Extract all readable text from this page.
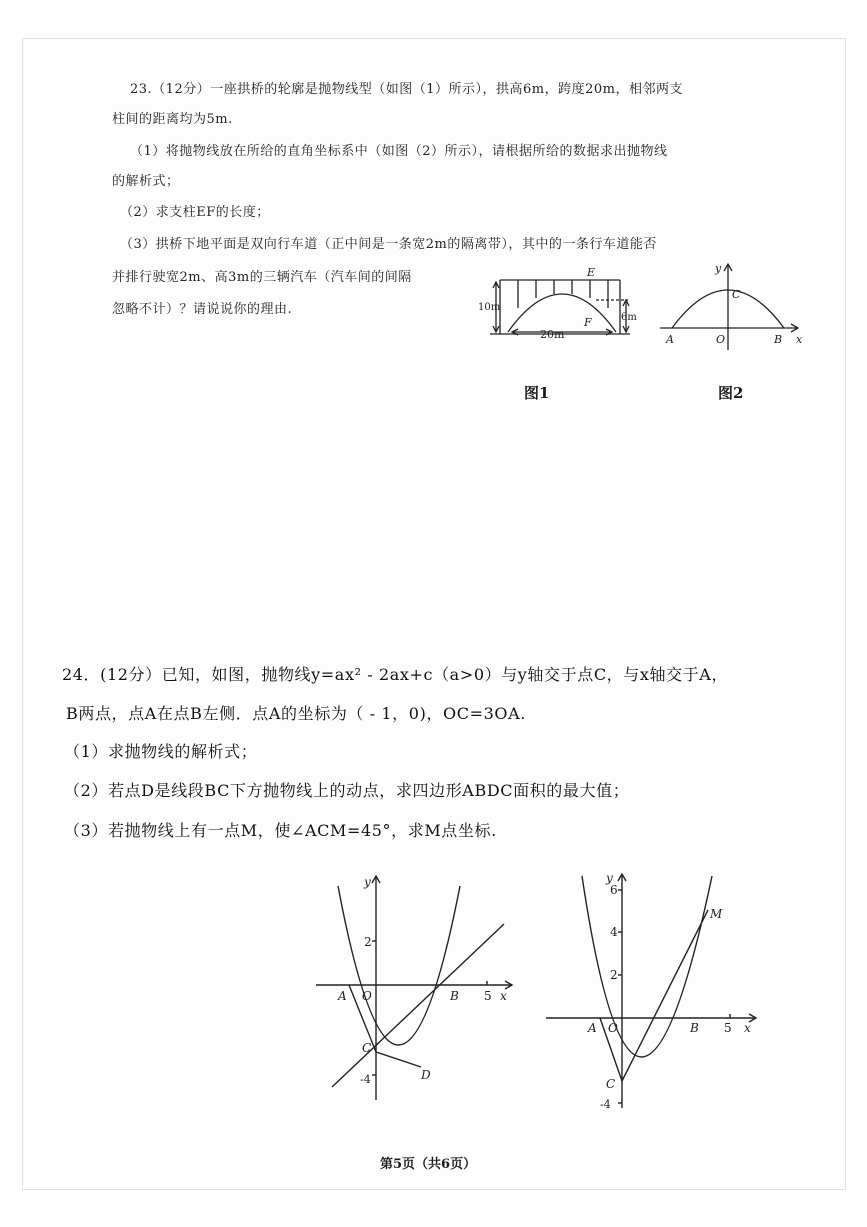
23.（12分）一座拱桥的轮廓是抛物线型（如图（1）所示），拱高6m，跨度20m，相邻两支
柱间的距离均为5m.
（1）将抛物线放在所给的直角坐标系中（如图（2）所示），请根据所给的数据求出抛物线
的解析式；
（2）求支柱EF的长度；
（3）拱桥下地平面是双向行车道（正中间是一条宽2m的隔离带），其中的一条行车道能否
并排行驶宽2m、高3m的三辆汽车（汽车间的间隔
忽略不计）？请说说你的理由.	10m
20m
6m
E
F
图1
y
C
A	O	B x
图2
24．(12分）已知，如图，抛物线y=ax² - 2ax+c（a>0）与y轴交于点C，与x轴交于A，
B两点，点A在点B左侧．点A的坐标为（ - 1，0)，OC=3OA.
（1）求抛物线的解析式；
（2）若点D是线段BC下方抛物线上的动点，求四边形ABDC面积的最大值；
（3）若抛物线上有一点M，使∠ACM=45°，求M点坐标.
y
2
A O	B 5 x
C
D
-4
y
6
4
2
M
A O	B 5 x
C
-4
第5页（共6页）
